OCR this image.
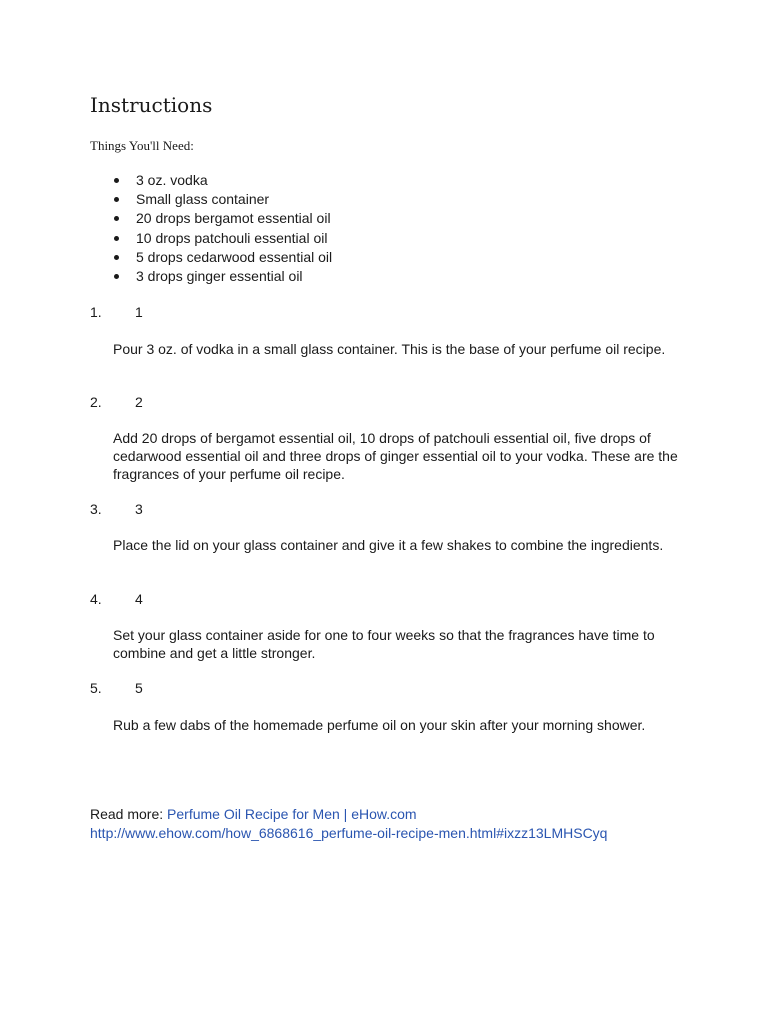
Instructions
Things You'll Need:
3 oz. vodka
Small glass container
20 drops bergamot essential oil
10 drops patchouli essential oil
5 drops cedarwood essential oil
3 drops ginger essential oil
1. 1

Pour 3 oz. of vodka in a small glass container. This is the base of your perfume oil recipe.

2. 2

Add 20 drops of bergamot essential oil, 10 drops of patchouli essential oil, five drops of cedarwood essential oil and three drops of ginger essential oil to your vodka. These are the fragrances of your perfume oil recipe.

3. 3

Place the lid on your glass container and give it a few shakes to combine the ingredients.

4. 4

Set your glass container aside for one to four weeks so that the fragrances have time to combine and get a little stronger.

5. 5

Rub a few dabs of the homemade perfume oil on your skin after your morning shower.

Read more: Perfume Oil Recipe for Men | eHow.com
http://www.ehow.com/how_6868616_perfume-oil-recipe-men.html#ixzz13LMHSCyq
